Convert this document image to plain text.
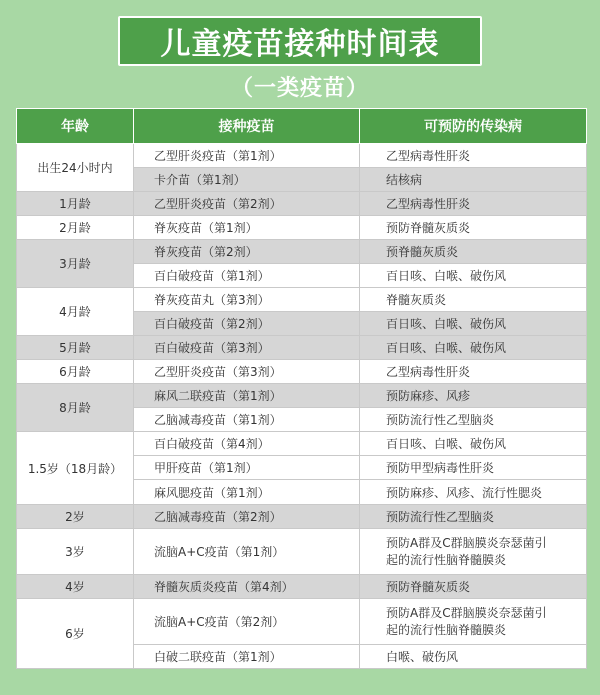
儿童疫苗接种时间表
（一类疫苗）
年龄	接种疫苗	可预防的传染病
出生24小时内	乙型肝炎疫苗（第1剂）	乙型病毒性肝炎
	卡介苗（第1剂）	结核病
1月龄	乙型肝炎疫苗（第2剂）	乙型病毒性肝炎
2月龄	脊灰疫苗（第1剂）	预防脊髓灰质炎
3月龄	脊灰疫苗（第2剂）	预脊髓灰质炎
	百白破疫苗（第1剂）	百日咳、白喉、破伤风
4月龄	脊灰疫苗丸（第3剂）	脊髓灰质炎
	百白破疫苗（第2剂）	百日咳、白喉、破伤风
5月龄	百白破疫苗（第3剂）	百日咳、白喉、破伤风
6月龄	乙型肝炎疫苗（第3剂）	乙型病毒性肝炎
8月龄	麻风二联疫苗（第1剂）	预防麻疹、风疹
	乙脑减毒疫苗（第1剂）	预防流行性乙型脑炎
1.5岁（18月龄）	百白破疫苗（第4剂）	百日咳、白喉、破伤风
	甲肝疫苗（第1剂）	预防甲型病毒性肝炎
	麻风腮疫苗（第1剂）	预防麻疹、风疹、流行性腮炎
2岁	乙脑减毒疫苗（第2剂）	预防流行性乙型脑炎
3岁	流脑A+C疫苗（第1剂）	预防A群及C群脑膜炎奈瑟菌引
起的流行性脑脊髓膜炎
4岁	脊髓灰质炎疫苗（第4剂）	预防脊髓灰质炎
6岁	流脑A+C疫苗（第2剂）	预防A群及C群脑膜炎奈瑟菌引
起的流行性脑脊髓膜炎
	白破二联疫苗（第1剂）	白喉、破伤风
